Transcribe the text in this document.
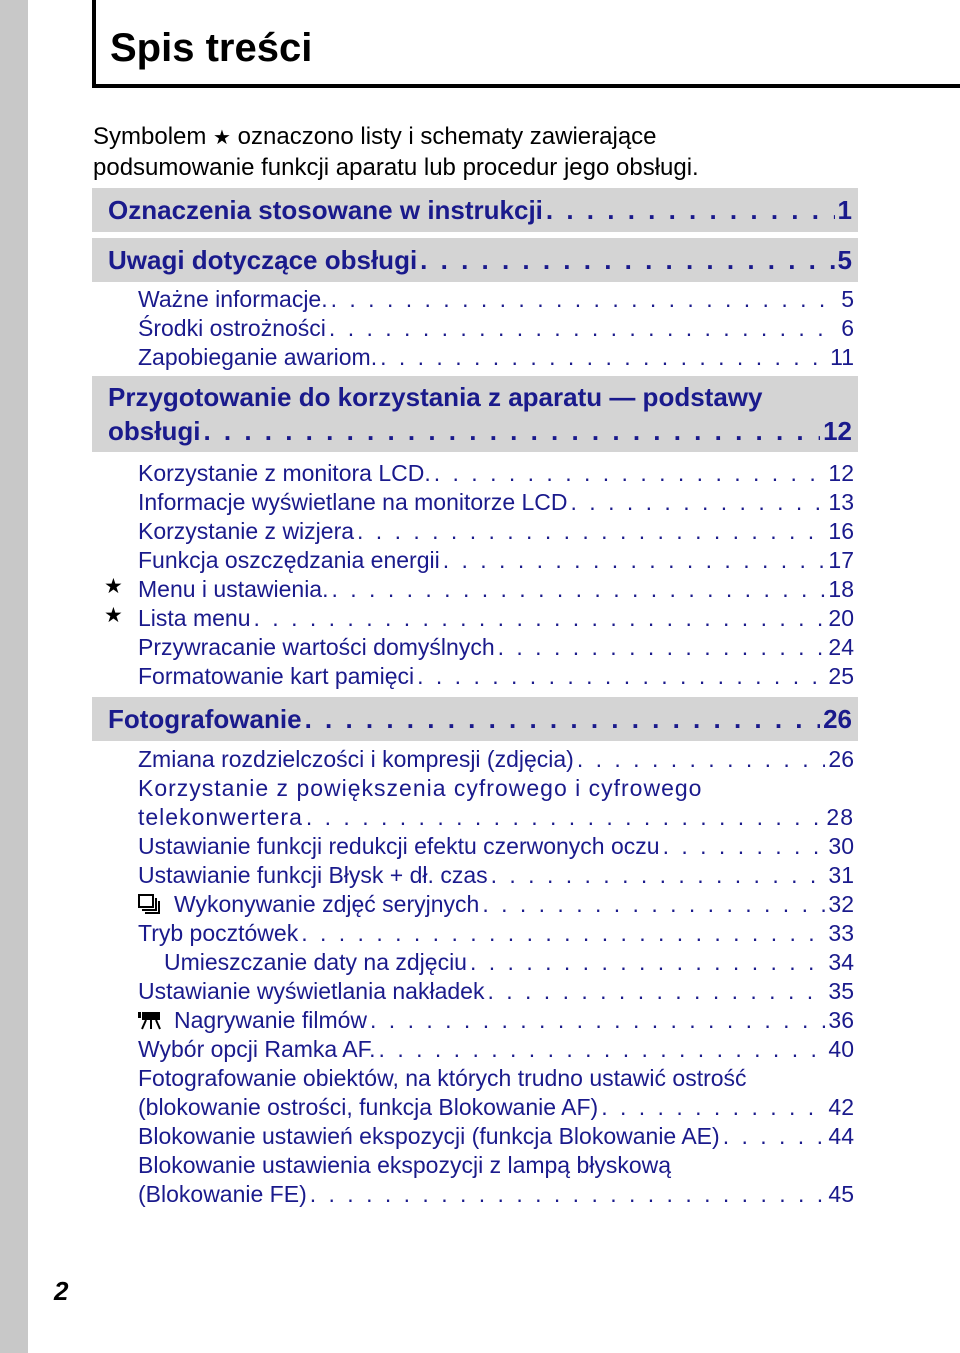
Spis treści
Symbolem ★ oznaczono listy i schematy zawierające
podsumowanie funkcji aparatu lub procedur jego obsługi.
Oznaczenia stosowane w instrukcji . . .	1
Uwagi dotyczące obsługi . . .	5
Ważne informacje. . . .	5
Środki ostrożności . . .	6
Zapobieganie awariom. . . .	11
Przygotowanie do korzystania z aparatu — podstawy
obsługi . . .	12
Korzystanie z monitora LCD. . . .	12
Informacje wyświetlane na monitorze LCD . . .	13
Korzystanie z wizjera . . .	16
Funkcja oszczędzania energii . . .	17
★ Menu i ustawienia. . . .	18
★ Lista menu . . .	20
Przywracanie wartości domyślnych . . .	24
Formatowanie kart pamięci . . .	25
Fotografowanie . . .	26
Zmiana rozdzielczości i kompresji (zdjęcia) . . .	26
Korzystanie z powiększenia cyfrowego i cyfrowego
telekonwertera . . .	28
Ustawianie funkcji redukcji efektu czerwonych oczu . . .	30
Ustawianie funkcji Błysk + dł. czas . . .	31
Wykonywanie zdjęć seryjnych . . .	32
Tryb pocztówek . . .	33
Umieszczanie daty na zdjęciu . . .	34
Ustawianie wyświetlania nakładek . . .	35
Nagrywanie filmów . . .	36
Wybór opcji Ramka AF. . . .	40
Fotografowanie obiektów, na których trudno ustawić ostrość
(blokowanie ostrości, funkcja Blokowanie AF) . . .	42
Blokowanie ustawień ekspozycji (funkcja Blokowanie AE) . . .	44
Blokowanie ustawienia ekspozycji z lampą błyskową
(Blokowanie FE) . . .	45
2
